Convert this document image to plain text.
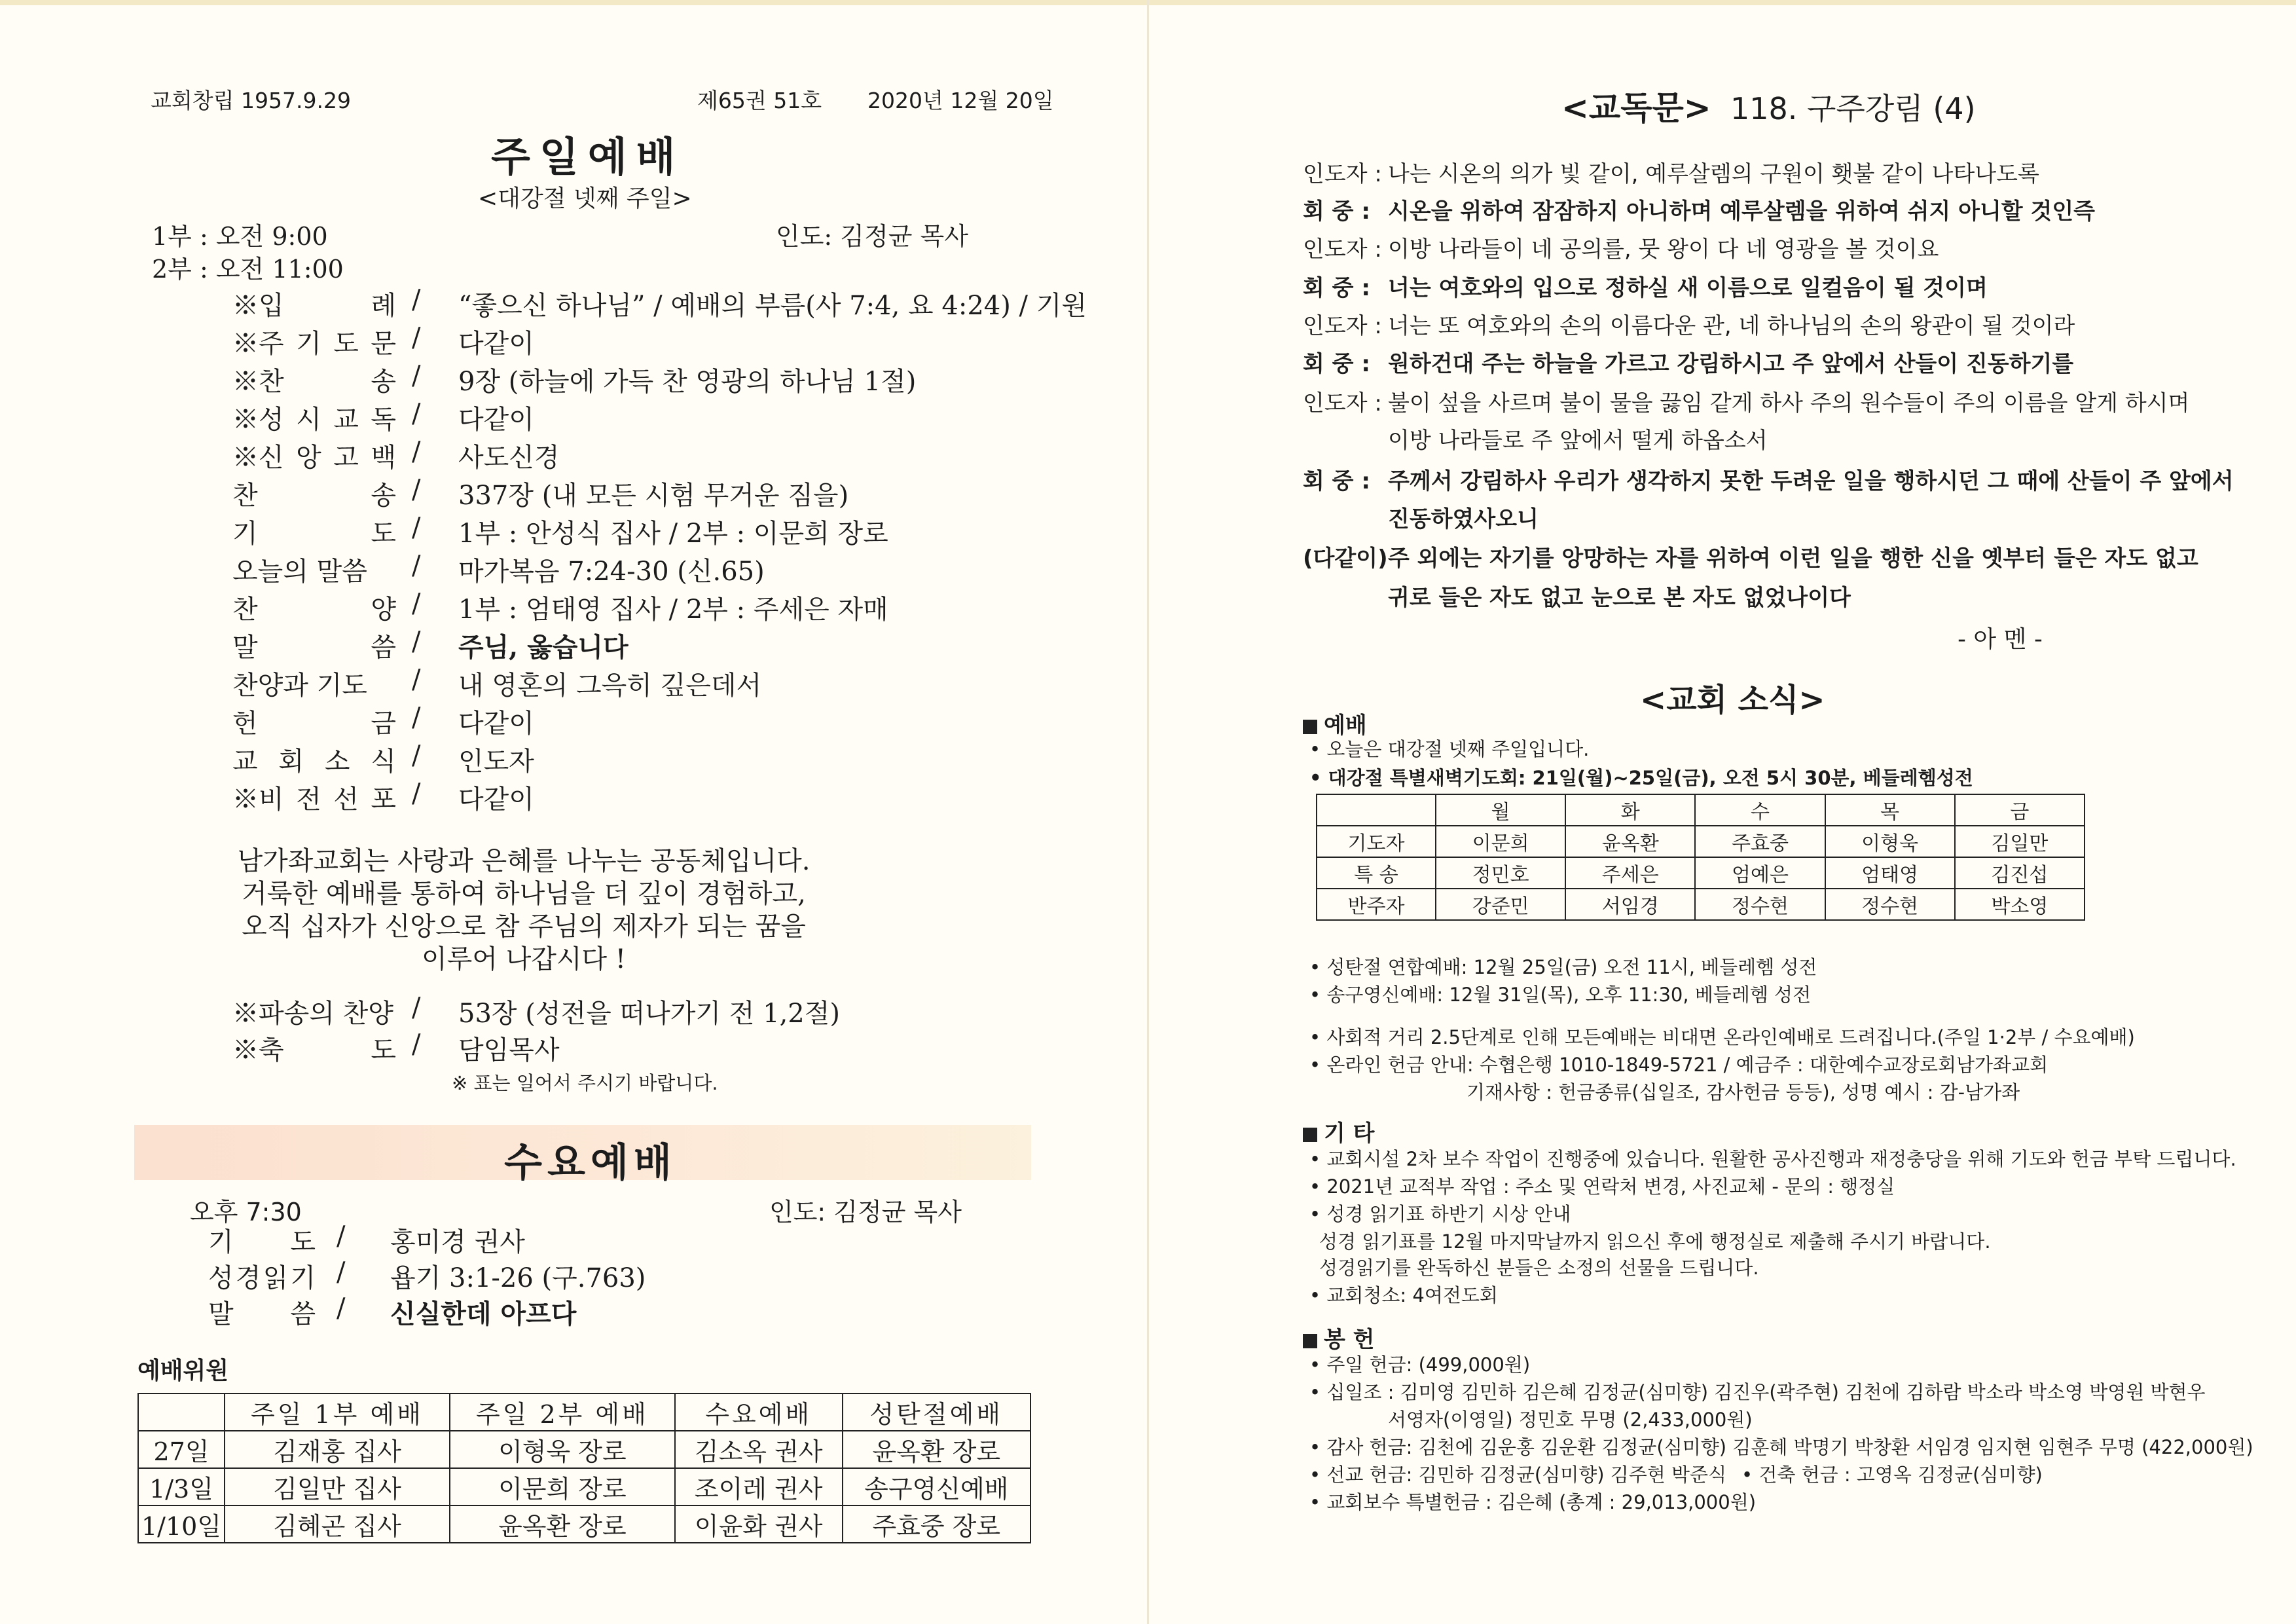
교회창립 1957.9.29	제65권 51호 2020년 12월 20일
주일예배
<대강절 넷째 주일>
1부 : 오전 9:00
2부 : 오전 11:00
인도: 김정균 목사
※입	례 / “좋으신 하나님” / 예배의 부름(사 7:4, 요 4:24) / 기원
※주 기 도 문 / 다같이
※찬	송 / 9장 (하늘에 가득 찬 영광의 하나님 1절)
※성 시 교 독 / 다같이
※신 앙 고 백 / 사도신경
찬	송 / 337장 (내 모든 시험 무거운 짐을)
기	도 / 1부 : 안성식 집사 / 2부 : 이문희 장로
오늘의 말씀 / 마가복음 7:24-30 (신.65)
찬	양 / 1부 : 엄태영 집사 / 2부 : 주세은 자매
말	씀 / 주님, 옳습니다
찬양과 기도 / 내 영혼의 그윽히 깊은데서
헌	금 / 다같이
교 회 소 식 / 인도자
※비 전 선 포 / 다같이
남가좌교회는 사랑과 은혜를 나누는 공동체입니다.
거룩한 예배를 통하여 하나님을 더 깊이 경험하고,
오직 십자가 신앙으로 참 주님의 제자가 되는 꿈을
이루어 나갑시다 !
※파송의 찬양 / 53장 (성전을 떠나가기 전 1,2절)
※축	도 / 담임목사
※ 표는 일어서 주시기 바랍니다.
수요예배
오후 7:30	인도: 김정균 목사
기 도 / 홍미경 권사
성 경 읽 기 / 욥기 3:1-26 (구.763)
말 씀 / 신실한데 아프다
예배위원
	주일 1부 예배	주일 2부 예배	수요예배	성탄절예배
27일	김재홍 집사	이형욱 장로	김소옥 권사	윤옥환 장로
1/3일	김일만 집사	이문희 장로	조이레 권사	송구영신예배
1/10일	김혜곤 집사	윤옥환 장로	이윤화 권사	주효중 장로
<교독문> 118. 구주강림 (4)
인도자 : 나는 시온의 의가 빛 같이, 예루살렘의 구원이 횃불 같이 나타나도록
회 중 : 시온을 위하여 잠잠하지 아니하며 예루살렘을 위하여 쉬지 아니할 것인즉
인도자 : 이방 나라들이 네 공의를, 뭇 왕이 다 네 영광을 볼 것이요
회 중 : 너는 여호와의 입으로 정하실 새 이름으로 일컬음이 될 것이며
인도자 : 너는 또 여호와의 손의 이름다운 관, 네 하나님의 손의 왕관이 될 것이라
회 중 : 원하건대 주는 하늘을 가르고 강림하시고 주 앞에서 산들이 진동하기를
인도자 : 불이 섶을 사르며 불이 물을 끓임 같게 하사 주의 원수들이 주의 이름을 알게 하시며
이방 나라들로 주 앞에서 떨게 하옵소서
회 중 : 주께서 강림하사 우리가 생각하지 못한 두려운 일을 행하시던 그 때에 산들이 주 앞에서
진동하였사오니
(다같이)주 외에는 자기를 앙망하는 자를 위하여 이런 일을 행한 신을 옛부터 들은 자도 없고
귀로 들은 자도 없고 눈으로 본 자도 없었나이다
- 아 멘 -
<교회 소식>
예배
• 오늘은 대강절 넷째 주일입니다.
• 대강절 특별새벽기도회: 21일(월)~25일(금), 오전 5시 30분, 베들레헴성전
	월	화	수	목	금
기도자	이문희	윤옥환	주효중	이형욱	김일만
특 송	정민호	주세은	엄예은	엄태영	김진섭
반주자	강준민	서임경	정수현	정수현	박소영
• 성탄절 연합예배: 12월 25일(금) 오전 11시, 베들레헴 성전
• 송구영신예배: 12월 31일(목), 오후 11:30, 베들레헴 성전
• 사회적 거리 2.5단계로 인해 모든예배는 비대면 온라인예배로 드려집니다.(주일 1·2부 / 수요예배)
• 온라인 헌금 안내: 수협은행 1010-1849-5721 / 예금주 : 대한예수교장로회남가좌교회
기재사항 : 헌금종류(십일조, 감사헌금 등등), 성명 예시 : 감-남가좌
기 타
• 교회시설 2차 보수 작업이 진행중에 있습니다. 원활한 공사진행과 재정충당을 위해 기도와 헌금 부탁 드립니다.
• 2021년 교적부 작업 : 주소 및 연락처 변경, 사진교체 - 문의 : 행정실
• 성경 읽기표 하반기 시상 안내
성경 읽기표를 12월 마지막날까지 읽으신 후에 행정실로 제출해 주시기 바랍니다.
성경읽기를 완독하신 분들은 소정의 선물을 드립니다.
• 교회청소: 4여전도회
봉 헌
• 주일 헌금: (499,000원)
• 십일조 : 김미영 김민하 김은혜 김정균(심미향) 김진우(곽주현) 김천에 김하람 박소라 박소영 박영원 박현우
서영자(이영일) 정민호 무명 (2,433,000원)
• 감사 헌금: 김천에 김운홍 김운환 김정균(심미향) 김훈혜 박명기 박창환 서임경 임지현 임현주 무명 (422,000원)
• 선교 헌금: 김민하 김정균(심미향) 김주현 박준식 • 건축 헌금 : 고영옥 김정균(심미향)
• 교회보수 특별헌금 : 김은혜 (총계 : 29,013,000원)
